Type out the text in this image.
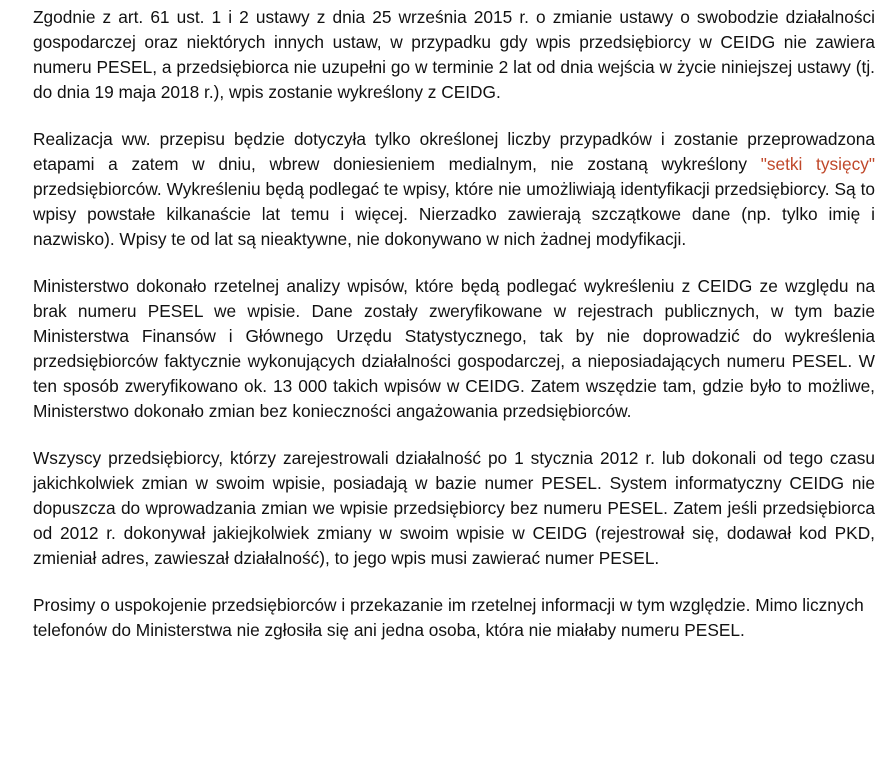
Zgodnie z art. 61 ust. 1 i 2 ustawy z dnia 25 września 2015 r. o zmianie ustawy o swobodzie działalności gospodarczej oraz niektórych innych ustaw, w przypadku gdy wpis przedsiębiorcy w CEIDG nie zawiera numeru PESEL, a przedsiębiorca nie uzupełni go w terminie 2 lat od dnia wejścia w życie niniejszej ustawy (tj. do dnia 19 maja 2018 r.), wpis zostanie wykreślony z CEIDG.

Realizacja ww. przepisu będzie dotyczyła tylko określonej liczby przypadków i zostanie przeprowadzona etapami a zatem w dniu, wbrew doniesieniem medialnym, nie zostaną wykreślony "setki tysięcy" przedsiębiorców. Wykreśleniu będą podlegać te wpisy, które nie umożliwiają identyfikacji przedsiębiorcy. Są to wpisy powstałe kilkanaście lat temu i więcej. Nierzadko zawierają szczątkowe dane (np. tylko imię i nazwisko). Wpisy te od lat są nieaktywne, nie dokonywano w nich żadnej modyfikacji.

Ministerstwo dokonało rzetelnej analizy wpisów, które będą podlegać wykreśleniu z CEIDG ze względu na brak numeru PESEL we wpisie. Dane zostały zweryfikowane w rejestrach publicznych, w tym bazie Ministerstwa Finansów i Głównego Urzędu Statystycznego, tak by nie doprowadzić do wykreślenia przedsiębiorców faktycznie wykonujących działalności gospodarczej, a nieposiadających numeru PESEL. W ten sposób zweryfikowano ok. 13 000 takich wpisów w CEIDG. Zatem wszędzie tam, gdzie było to możliwe, Ministerstwo dokonało zmian bez konieczności angażowania przedsiębiorców.

Wszyscy przedsiębiorcy, którzy zarejestrowali działalność po 1 stycznia 2012 r. lub dokonali od tego czasu jakichkolwiek zmian w swoim wpisie, posiadają w bazie numer PESEL. System informatyczny CEIDG nie dopuszcza do wprowadzania zmian we wpisie przedsiębiorcy bez numeru PESEL. Zatem jeśli przedsiębiorca od 2012 r. dokonywał jakiejkolwiek zmiany w swoim wpisie w CEIDG (rejestrował się, dodawał kod PKD, zmieniał adres, zawieszał działalność), to jego wpis musi zawierać numer PESEL.

Prosimy o uspokojenie przedsiębiorców i przekazanie im rzetelnej informacji w tym względzie. Mimo licznych telefonów do Ministerstwa nie zgłosiła się ani jedna osoba, która nie miałaby numeru PESEL.
